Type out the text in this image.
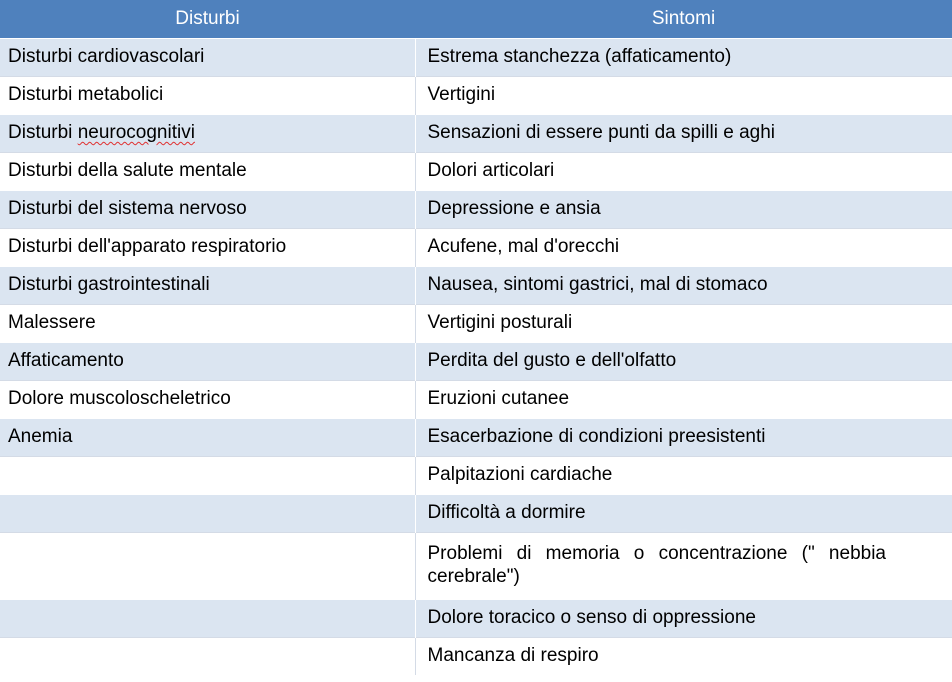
Disturbi	Sintomi
Disturbi cardiovascolari	Estrema stanchezza (affaticamento)
Disturbi metabolici	Vertigini
Disturbi neurocognitivi	Sensazioni di essere punti da spilli e aghi
Disturbi della salute mentale	Dolori articolari
Disturbi del sistema nervoso	Depressione e ansia
Disturbi dell'apparato respiratorio	Acufene, mal d'orecchi
Disturbi gastrointestinali	Nausea, sintomi gastrici, mal di stomaco
Malessere	Vertigini posturali
Affaticamento	Perdita del gusto e dell'olfatto
Dolore muscoloscheletrico	Eruzioni cutanee
Anemia	Esacerbazione di condizioni preesistenti
	Palpitazioni cardiache
	Difficoltà a dormire
	Problemi di memoria o concentrazione (" nebbia cerebrale")
	Dolore toracico o senso di oppressione
	Mancanza di respiro
